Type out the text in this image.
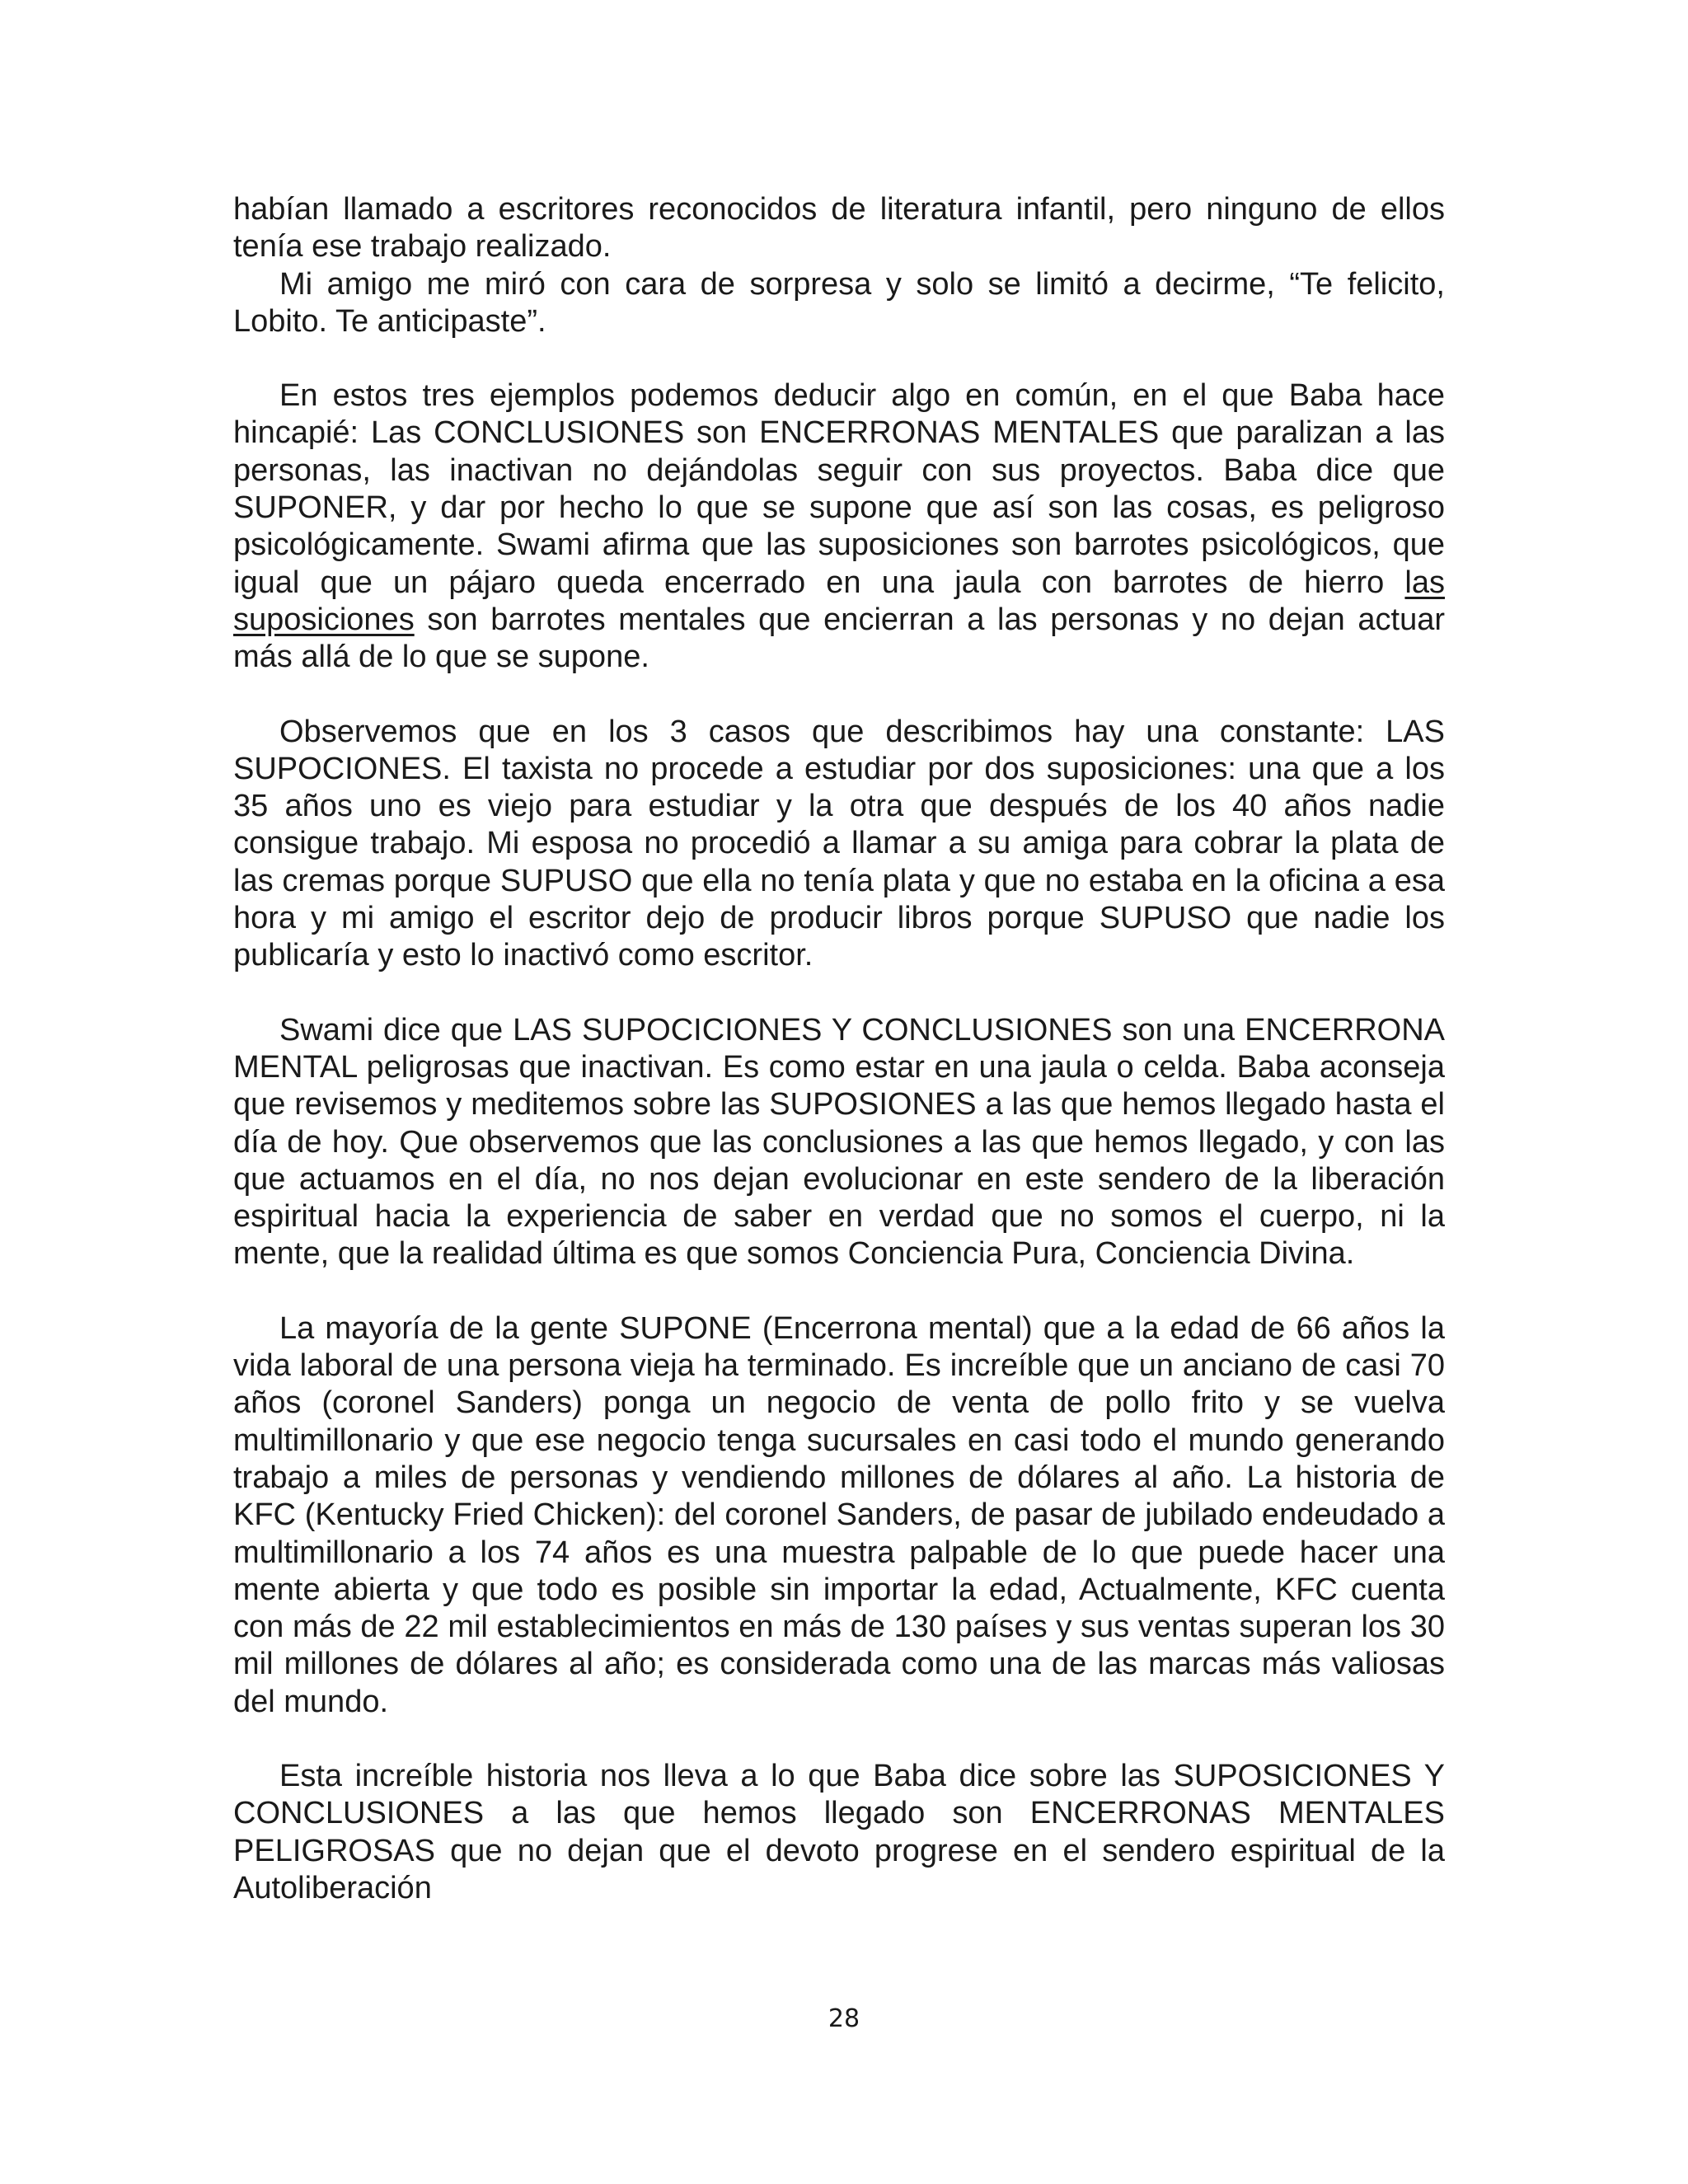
habían llamado a escritores reconocidos de literatura infantil, pero ninguno de ellos tenía ese trabajo realizado.

Mi amigo me miró con cara de sorpresa y solo se limitó a decirme, “Te felicito, Lobito. Te anticipaste”.

En estos tres ejemplos podemos deducir algo en común, en el que Baba hace hincapié: Las CONCLUSIONES son ENCERRONAS MENTALES que paralizan a las personas, las inactivan no dejándolas seguir con sus proyectos. Baba dice que SUPONER, y dar por hecho lo que se supone que así son las cosas, es peligroso psicológicamente. Swami afirma que las suposiciones son barrotes psicológicos, que igual que un pájaro queda encerrado en una jaula con barrotes de hierro las suposiciones son barrotes mentales que encierran a las personas y no dejan actuar más allá de lo que se supone.

Observemos que en los 3 casos que describimos hay una constante: LAS SUPOCIONES. El taxista no procede a estudiar por dos suposiciones: una que a los 35 años uno es viejo para estudiar y la otra que después de los 40 años nadie consigue trabajo. Mi esposa no procedió a llamar a su amiga para cobrar la plata de las cremas porque SUPUSO que ella no tenía plata y que no estaba en la oficina a esa hora y mi amigo el escritor dejo de producir libros porque SUPUSO que nadie los publicaría y esto lo inactivó como escritor.

Swami dice que LAS SUPOCICIONES Y CONCLUSIONES son una ENCERRONA MENTAL peligrosas que inactivan. Es como estar en una jaula o celda. Baba aconseja que revisemos y meditemos sobre las SUPOSIONES a las que hemos llegado hasta el día de hoy. Que observemos que las conclusiones a las que hemos llegado, y con las que actuamos en el día, no nos dejan evolucionar en este sendero de la liberación espiritual hacia la experiencia de saber en verdad que no somos el cuerpo, ni la mente, que la realidad última es que somos Conciencia Pura, Conciencia Divina.

La mayoría de la gente SUPONE (Encerrona mental) que a la edad de 66 años la vida laboral de una persona vieja ha terminado. Es increíble que un anciano de casi 70 años (coronel Sanders) ponga un negocio de venta de pollo frito y se vuelva multimillonario y que ese negocio tenga sucursales en casi todo el mundo generando trabajo a miles de personas y vendiendo millones de dólares al año. La historia de KFC (Kentucky Fried Chicken): del coronel Sanders, de pasar de jubilado endeudado a multimillonario a los 74 años es una muestra palpable de lo que puede hacer una mente abierta y que todo es posible sin importar la edad, Actualmente, KFC cuenta con más de 22 mil establecimientos en más de 130 países y sus ventas superan los 30 mil millones de dólares al año; es considerada como una de las marcas más valiosas del mundo.

Esta increíble historia nos lleva a lo que Baba dice sobre las SUPOSICIONES Y CONCLUSIONES a las que hemos llegado son ENCERRONAS MENTALES PELIGROSAS que no dejan que el devoto progrese en el sendero espiritual de la Autoliberación

28
